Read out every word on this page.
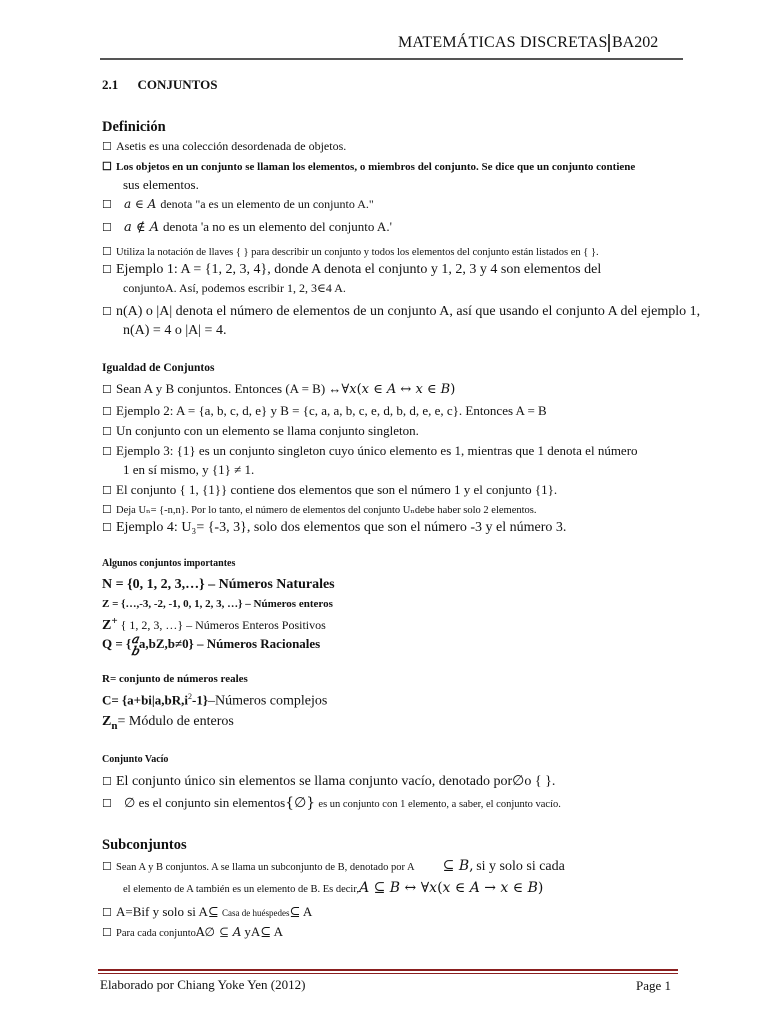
MATEMÁTICAS DISCRETAS BA202
2.1 CONJUNTOS
Definición
☐ Asetis es una colección desordenada de objetos.
☐ Los objetos en un conjunto se llaman los elementos, o miembros del conjunto. Se dice que un conjunto contiene
sus elementos.
☐ 𝑎 ∈ 𝐴 denota "a es un elemento de un conjunto A."
☐ 𝑎 ∉ 𝐴 denota 'a no es un elemento del conjunto A.'
☐ Utiliza la notación de llaves { } para describir un conjunto y todos los elementos del conjunto están listados en { }.
☐ Ejemplo 1: A = {1, 2, 3, 4}, donde A denota el conjunto y 1, 2, 3 y 4 son elementos del
conjuntoA. Así, podemos escribir 1, 2, 3∈4 A.
☐ n(A) o |A| denota el número de elementos de un conjunto A, así que usando el conjunto A del ejemplo 1,
n(A) = 4 o |A| = 4.
Igualdad de Conjuntos
☐ Sean A y B conjuntos. Entonces (A = B) ↔∀𝑥(𝑥 ∈ 𝐴 ↔ 𝑥 ∈ 𝐵)
☐ Ejemplo 2: A = {a, b, c, d, e} y B = {c, a, a, b, c, e, d, b, d, e, e, c}. Entonces A = B
☐ Un conjunto con un elemento se llama conjunto singleton.
☐ Ejemplo 3: {1} es un conjunto singleton cuyo único elemento es 1, mientras que 1 denota el número
1 en sí mismo, y {1} ≠ 1.
☐ El conjunto { 1, {1}} contiene dos elementos que son el número 1 y el conjunto {1}.
☐ Deja Uₙ= {-n,n}. Por lo tanto, el número de elementos del conjunto Uₙdebe haber solo 2 elementos.
☐ Ejemplo 4: U₃= {-3, 3}, solo dos elementos que son el número -3 y el número 3.
Algunos conjuntos importantes
N = {0, 1, 2, 3,…} – Números Naturales
Z = {…,-3, -2, -1, 0, 1, 2, 3, …} – Números enteros
Z+ { 1, 2, 3, …} – Números Enteros Positivos
Q = { 𝑎
𝑏
a,bZ,b≠0} – Números Racionales
R= conjunto de números reales
$C= \{a+bi|a,bR,i^2-1\}$–Números complejos
$Z_n=$ Módulo de enteros
Conjunto Vacío
☐ El conjunto único sin elementos se llama conjunto vacío, denotado por∅o { }.
☐ ∅ es el conjunto sin elementos{∅} es un conjunto con 1 elemento, a saber, el conjunto vacío.
Subconjuntos
☐ Sean A y B conjuntos. A se llama un subconjunto de B, denotado por A ⊆ 𝐵, si y solo si cada
el elemento de A también es un elemento de B. Es decir,𝐴 ⊆ 𝐵 ↔ ∀𝑥(𝑥 ∈ 𝐴 → 𝑥 ∈ 𝐵)
☐ A=Bif y solo si A⊆ Casa de huéspedes⊆ A
☐ Para cada conjuntoA∅ ⊆ 𝐴 yA⊆ A
Elaborado por Chiang Yoke Yen (2012)	Page 1
